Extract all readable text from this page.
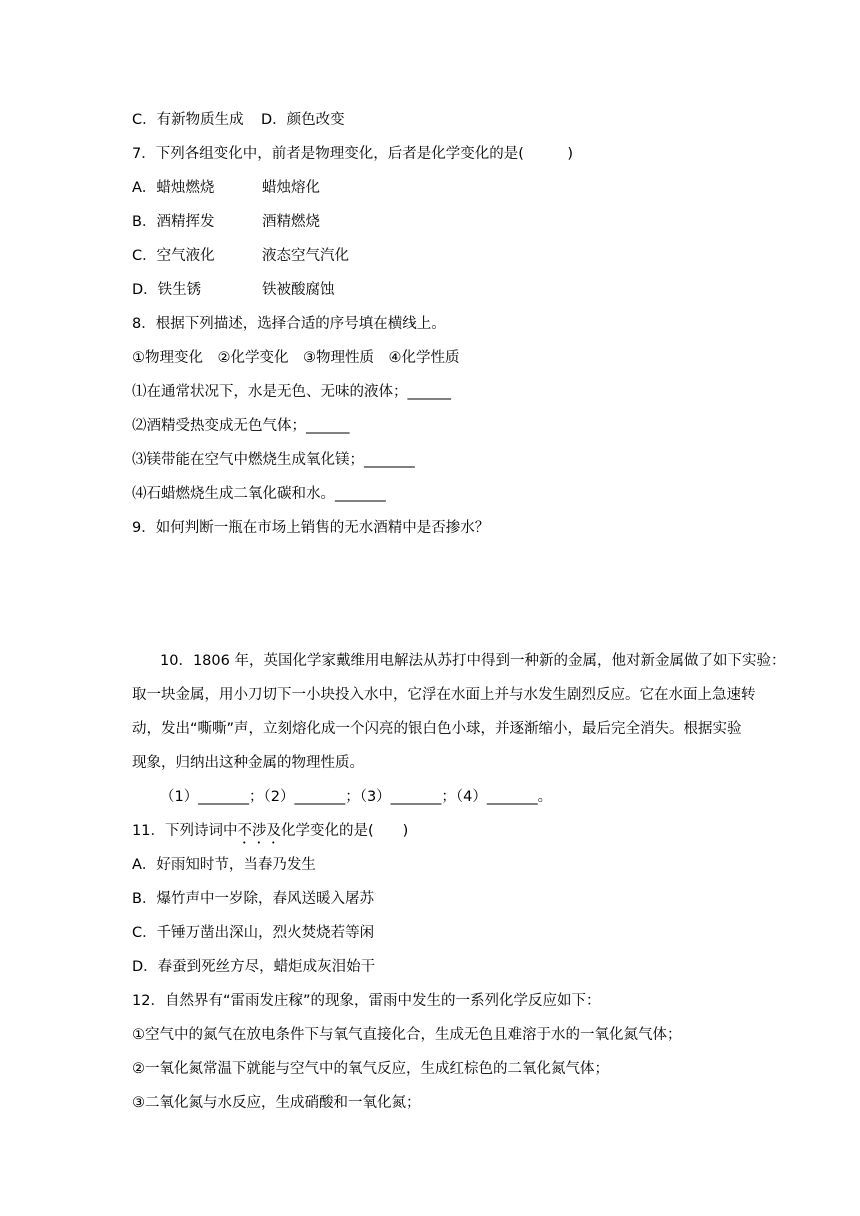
C．有新物质生成 D．颜色改变
7．下列各组变化中，前者是物理变化，后者是化学变化的是(　　　)
A．蜡烛燃烧	蜡烛熔化
B．酒精挥发	酒精燃烧
C．空气液化	液态空气汽化
D．铁生锈	铁被酸腐蚀
8．根据下列描述，选择合适的序号填在横线上。
①物理变化　②化学变化　③物理性质　④化学性质
⑴在通常状况下，水是无色、无味的液体；______
⑵酒精受热变成无色气体；______
⑶镁带能在空气中燃烧生成氧化镁；_______
⑷石蜡燃烧生成二氧化碳和水。_______
9．如何判断一瓶在市场上销售的无水酒精中是否掺水？
10．1806 年，英国化学家戴维用电解法从苏打中得到一种新的金属，他对新金属做了如下实验：
取一块金属，用小刀切下一小块投入水中，它浮在水面上并与水发生剧烈反应。它在水面上急速转
动，发出“嘶嘶”声，立刻熔化成一个闪亮的银白色小球，并逐渐缩小，最后完全消失。根据实验
现象，归纳出这种金属的物理性质。
（1）_______；（2）_______；（3）_______；（4）_______。
11．下列诗词中不涉及化学变化的是(　　)
A．好雨知时节，当春乃发生
B．爆竹声中一岁除，春风送暖入屠苏
C．千锤万凿出深山，烈火焚烧若等闲
D．春蚕到死丝方尽，蜡炬成灰泪始干
12．自然界有“雷雨发庄稼”的现象，雷雨中发生的一系列化学反应如下：
①空气中的氮气在放电条件下与氧气直接化合，生成无色且难溶于水的一氧化氮气体；
②一氧化氮常温下就能与空气中的氧气反应，生成红棕色的二氧化氮气体；
③二氧化氮与水反应，生成硝酸和一氧化氮；
